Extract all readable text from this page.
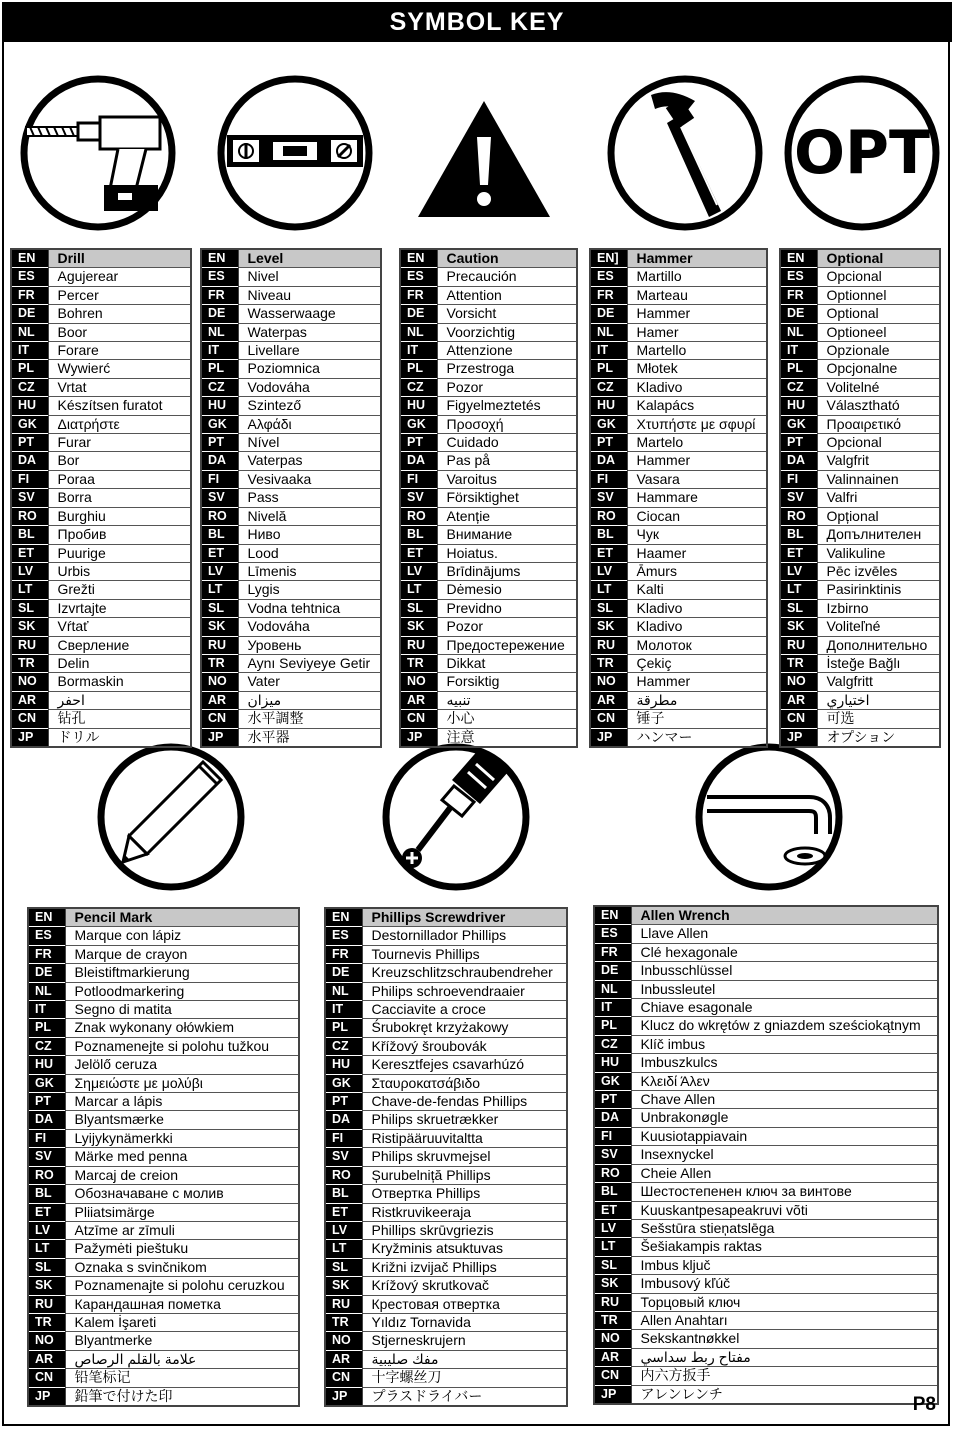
SYMBOL KEY
OPT
EN	Drill
ES	Agujerear
FR	Percer
DE	Bohren
NL	Boor
IT	Forare
PL	Wywierć
CZ	Vrtat
HU	Készítsen furatot
GK	Διατρήστε
PT	Furar
DA	Bor
FI	Poraa
SV	Borra
RO	Burghiu
BL	Пробив
ET	Puurige
LV	Urbis
LT	Grežti
SL	Izvrtajte
SK	Vŕtať
RU	Сверление
TR	Delin
NO	Bormaskin
AR	احفر
CN	钻孔
JP	ドリル
EN	Level
ES	Nivel
FR	Niveau
DE	Wasserwaage
NL	Waterpas
IT	Livellare
PL	Poziomnica
CZ	Vodováha
HU	Szintező
GK	Αλφάδι
PT	Nível
DA	Vaterpas
FI	Vesivaaka
SV	Pass
RO	Nivelă
BL	Ниво
ET	Lood
LV	Līmenis
LT	Lygis
SL	Vodna tehtnica
SK	Vodováha
RU	Уровень
TR	Aynı Seviyeye Getir
NO	Vater
AR	ميزان
CN	水平調整
JP	水平器
EN	Caution
ES	Precaución
FR	Attention
DE	Vorsicht
NL	Voorzichtig
IT	Attenzione
PL	Przestroga
CZ	Pozor
HU	Figyelmeztetés
GK	Προσοχή
PT	Cuidado
DA	Pas på
FI	Varoitus
SV	Försiktighet
RO	Atenție
BL	Внимание
ET	Hoiatus.
LV	Brīdinājums
LT	Dėmesio
SL	Previdno
SK	Pozor
RU	Предостережение
TR	Dikkat
NO	Forsiktig
AR	تنبيه
CN	小心
JP	注意
EN]	Hammer
ES	Martillo
FR	Marteau
DE	Hammer
NL	Hamer
IT	Martello
PL	Młotek
CZ	Kladivo
HU	Kalapács
GK	Χτυπήστε με σφυρί
PT	Martelo
DA	Hammer
FI	Vasara
SV	Hammare
RO	Ciocan
BL	Чук
ET	Haamer
LV	Āmurs
LT	Kalti
SL	Kladivo
SK	Kladivo
RU	Молоток
TR	Çekiç
NO	Hammer
AR	مطرقة
CN	锤子
JP	ハンマー
EN	Optional
ES	Opcional
FR	Optionnel
DE	Optional
NL	Optioneel
IT	Opzionale
PL	Opcjonalne
CZ	Volitelné
HU	Választható
GK	Προαιρετικό
PT	Opcional
DA	Valgfrit
FI	Valinnainen
SV	Valfri
RO	Opțional
BL	Допълнителен
ET	Valikuline
LV	Pēc izvēles
LT	Pasirinktinis
SL	Izbirno
SK	Voliteľné
RU	Дополнительно
TR	İsteğe Bağlı
NO	Valgfritt
AR	اختياري
CN	可选
JP	オプション
EN	Pencil Mark
ES	Marque con lápiz
FR	Marque de crayon
DE	Bleistiftmarkierung
NL	Potloodmarkering
IT	Segno di matita
PL	Znak wykonany ołówkiem
CZ	Poznamenejte si polohu tužkou
HU	Jelölő ceruza
GK	Σημειώστε με μολύβι
PT	Marcar a lápis
DA	Blyantsmærke
FI	Lyijykynämerkki
SV	Märke med penna
RO	Marcaj de creion
BL	Обозначаване с молив
ET	Pliiatsimärge
LV	Atzīme ar zīmuli
LT	Pažymėti pieštuku
SL	Oznaka s svinčnikom
SK	Poznamenajte si polohu ceruzkou
RU	Карандашная пометка
TR	Kalem İşareti
NO	Blyantmerke
AR	علامة بالقلم الرصاص
CN	铅笔标记
JP	鉛筆で付けた印
EN	Phillips Screwdriver
ES	Destornillador Phillips
FR	Tournevis Phillips
DE	Kreuzschlitzschraubendreher
NL	Philips schroevendraaier
IT	Cacciavite a croce
PL	Śrubokręt krzyżakowy
CZ	Křížový šroubovák
HU	Keresztfejes csavarhúzó
GK	Σταυροκατσάβιδο
PT	Chave-de-fendas Phillips
DA	Philips skruetrækker
FI	Ristipääruuvitaltta
SV	Philips skruvmejsel
RO	Șurubelniță Phillips
BL	Отвертка Phillips
ET	Ristkruvikeeraja
LV	Phillips skrūvgriezis
LT	Kryžminis atsuktuvas
SL	Križni izvijač Phillips
SK	Krížový skrutkovač
RU	Крестовая отвертка
TR	Yıldız Tornavida
NO	Stjerneskrujern
AR	مفك صليبية
CN	十字螺丝刀
JP	プラスドライバー
EN	Allen Wrench
ES	Llave Allen
FR	Clé hexagonale
DE	Inbusschlüssel
NL	Inbussleutel
IT	Chiave esagonale
PL	Klucz do wkrętów z gniazdem sześciokątnym
CZ	Klíč imbus
HU	Imbuszkulcs
GK	Κλειδί Άλεν
PT	Chave Allen
DA	Unbrakonøgle
FI	Kuusiotappiavain
SV	Insexnyckel
RO	Cheie Allen
BL	Шестостепенен ключ за винтове
ET	Kuuskantpesapeakruvi võti
LV	Sešstūra stieņatslēga
LT	Šešiakampis raktas
SL	Imbus ključ
SK	Imbusový kľúč
RU	Торцовый ключ
TR	Allen Anahtarı
NO	Sekskantnøkkel
AR	مفتاح ربط سداسي
CN	内六方扳手
JP	アレンレンチ
P8
